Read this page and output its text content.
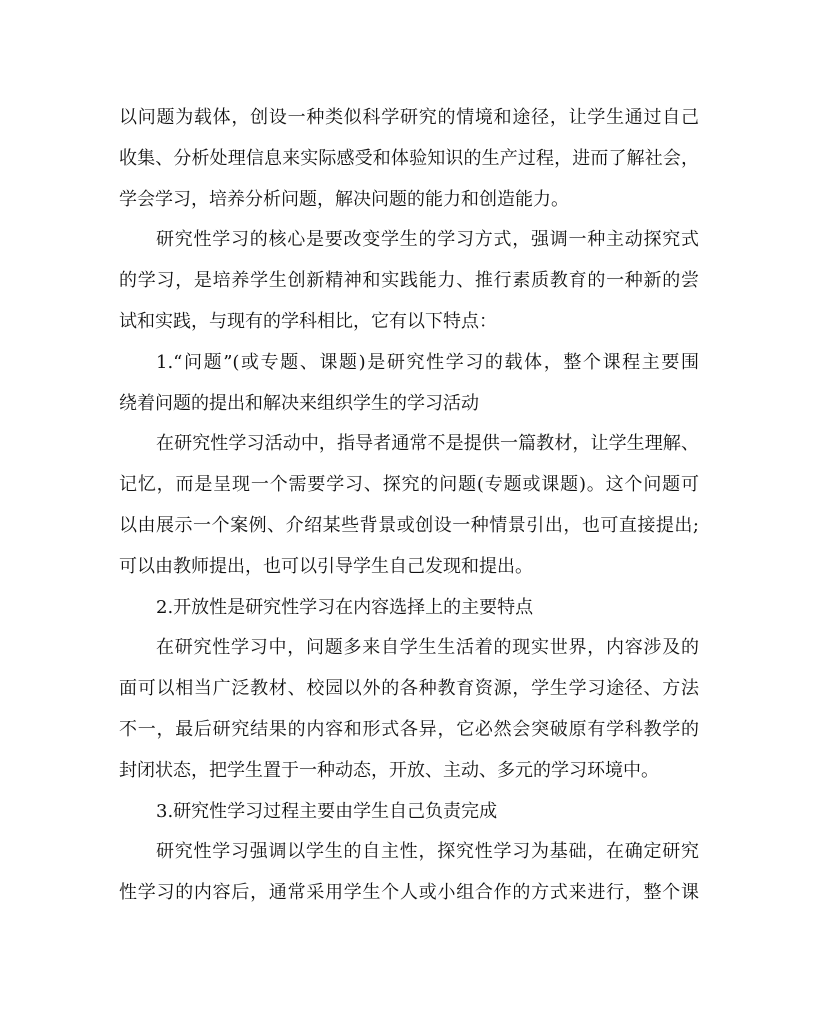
以问题为载体，创设一种类似科学研究的情境和途径，让学生通过自己
收集、分析处理信息来实际感受和体验知识的生产过程，进而了解社会，
学会学习，培养分析问题，解决问题的能力和创造能力。
研究性学习的核心是要改变学生的学习方式，强调一种主动探究式
的学习，是培养学生创新精神和实践能力、推行素质教育的一种新的尝
试和实践，与现有的学科相比，它有以下特点：
1.“问题”(或专题、课题)是研究性学习的载体，整个课程主要围
绕着问题的提出和解决来组织学生的学习活动
在研究性学习活动中，指导者通常不是提供一篇教材，让学生理解、
记忆，而是呈现一个需要学习、探究的问题(专题或课题)。这个问题可
以由展示一个案例、介绍某些背景或创设一种情景引出，也可直接提出;
可以由教师提出，也可以引导学生自己发现和提出。
2.开放性是研究性学习在内容选择上的主要特点
在研究性学习中，问题多来自学生生活着的现实世界，内容涉及的
面可以相当广泛教材、校园以外的各种教育资源，学生学习途径、方法
不一，最后研究结果的内容和形式各异，它必然会突破原有学科教学的
封闭状态，把学生置于一种动态，开放、主动、多元的学习环境中。
3.研究性学习过程主要由学生自己负责完成
研究性学习强调以学生的自主性，探究性学习为基础，在确定研究
性学习的内容后，通常采用学生个人或小组合作的方式来进行，整个课
